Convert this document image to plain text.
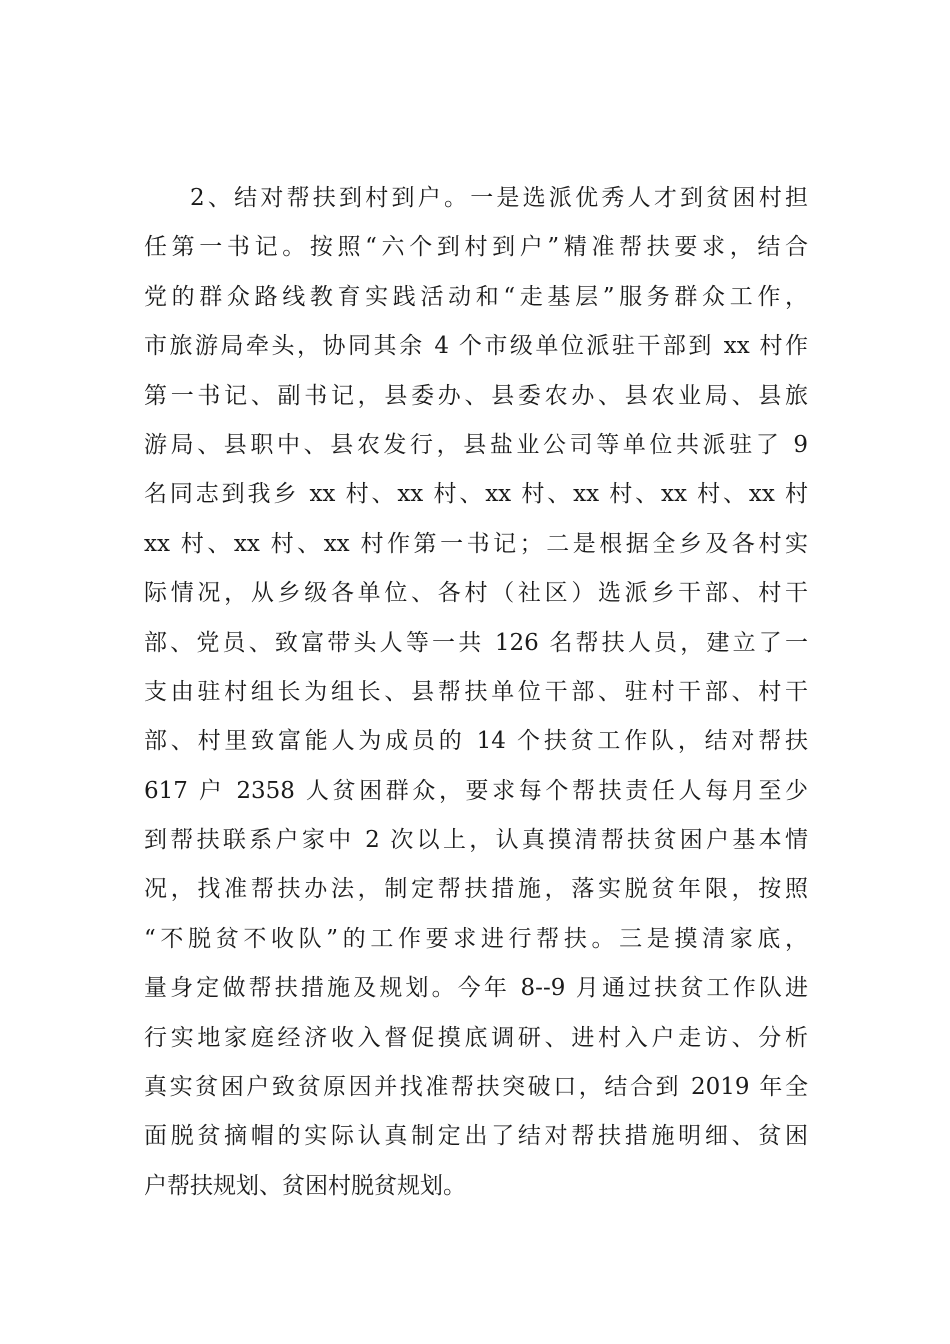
2、结对帮扶到村到户。一是选派优秀人才到贫困村担
任第一书记。按照“六个到村到户”精准帮扶要求，结合
党的群众路线教育实践活动和“走基层”服务群众工作，
市旅游局牵头，协同其余 4 个市级单位派驻干部到 xx 村作
第一书记、副书记，县委办、县委农办、县农业局、县旅
游局、县职中、县农发行，县盐业公司等单位共派驻了 9
名同志到我乡 xx 村、xx 村、xx 村、xx 村、xx 村、xx 村
xx 村、xx 村、xx 村作第一书记；二是根据全乡及各村实
际情况，从乡级各单位、各村（社区）选派乡干部、村干
部、党员、致富带头人等一共 126 名帮扶人员，建立了一
支由驻村组长为组长、县帮扶单位干部、驻村干部、村干
部、村里致富能人为成员的 14 个扶贫工作队，结对帮扶
617 户 2358 人贫困群众，要求每个帮扶责任人每月至少
到帮扶联系户家中 2 次以上，认真摸清帮扶贫困户基本情
况，找准帮扶办法，制定帮扶措施，落实脱贫年限，按照
“不脱贫不收队”的工作要求进行帮扶。三是摸清家底，
量身定做帮扶措施及规划。今年 8--9 月通过扶贫工作队进
行实地家庭经济收入督促摸底调研、进村入户走访、分析
真实贫困户致贫原因并找准帮扶突破口，结合到 2019 年全
面脱贫摘帽的实际认真制定出了结对帮扶措施明细、贫困
户帮扶规划、贫困村脱贫规划。
